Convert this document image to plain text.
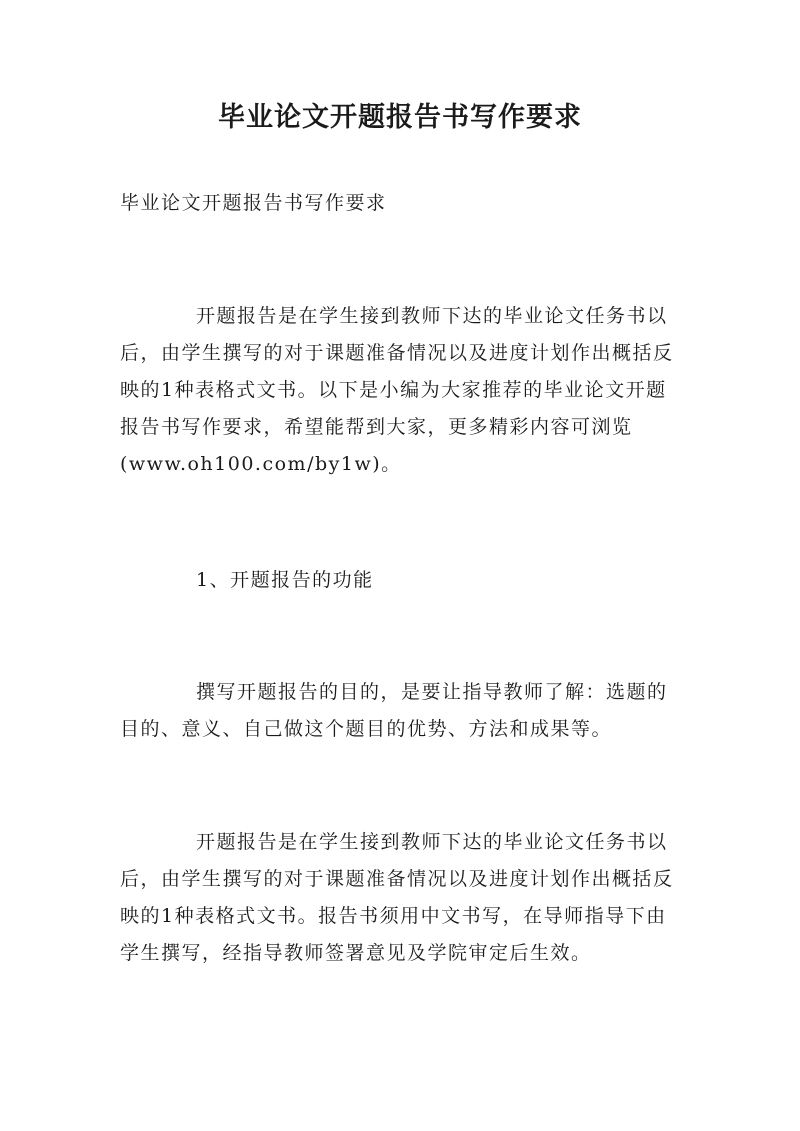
毕业论文开题报告书写作要求

毕业论文开题报告书写作要求

开题报告是在学生接到教师下达的毕业论文任务书以后，由学生撰写的对于课题准备情况以及进度计划作出概括反映的1种表格式文书。以下是小编为大家推荐的毕业论文开题报告书写作要求，希望能帮到大家，更多精彩内容可浏览(www.oh100.com/by1w)。

1、开题报告的功能

撰写开题报告的目的，是要让指导教师了解：选题的目的、意义、自己做这个题目的优势、方法和成果等。

开题报告是在学生接到教师下达的毕业论文任务书以后，由学生撰写的对于课题准备情况以及进度计划作出概括反映的1种表格式文书。报告书须用中文书写，在导师指导下由学生撰写，经指导教师签署意见及学院审定后生效。
